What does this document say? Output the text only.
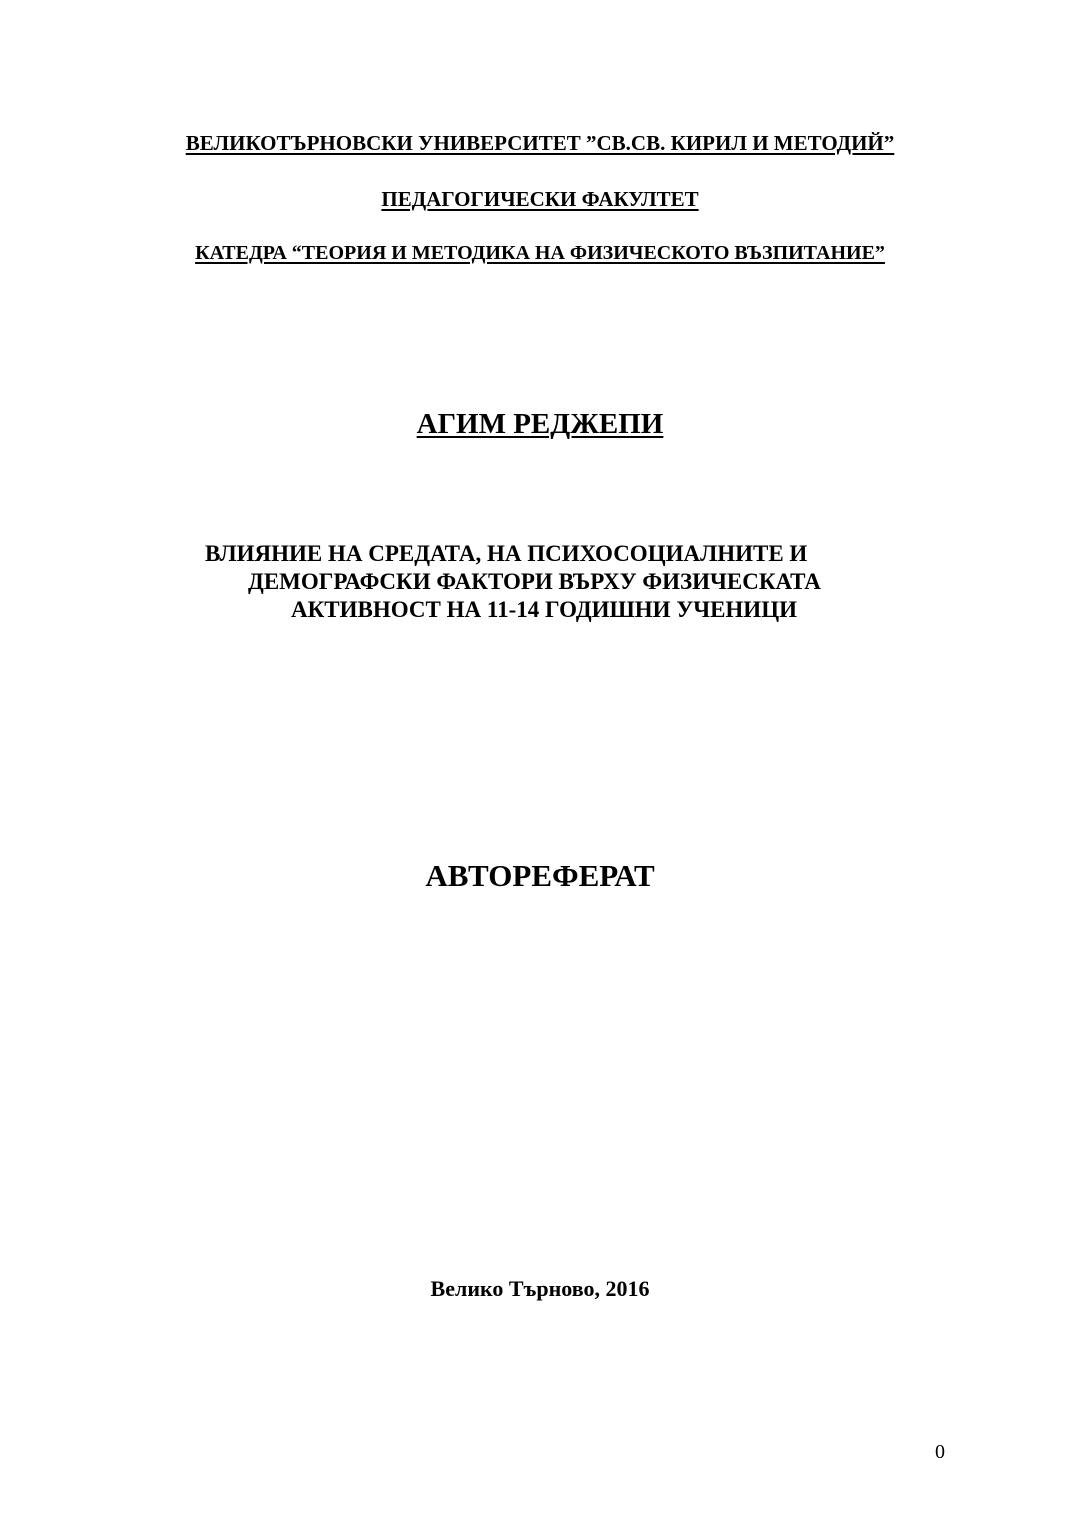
ВЕЛИКОТЪРНОВСКИ УНИВЕРСИТЕТ ”СВ.СВ. КИРИЛ И МЕТОДИЙ”

ПЕДАГОГИЧЕСКИ ФАКУЛТЕТ

КАТЕДРА “ТЕОРИЯ И МЕТОДИКА НА ФИЗИЧЕСКОТО ВЪЗПИТАНИЕ”

АГИМ РЕДЖЕПИ

ВЛИЯНИЕ НА СРЕДАТА, НА ПСИХОСОЦИАЛНИТЕ И
ДЕМОГРАФСКИ ФАКТОРИ ВЪРХУ ФИЗИЧЕСКАТА
АКТИВНОСТ НА 11-14 ГОДИШНИ УЧЕНИЦИ

АВТОРЕФЕРАТ

Велико Търново, 2016

0
